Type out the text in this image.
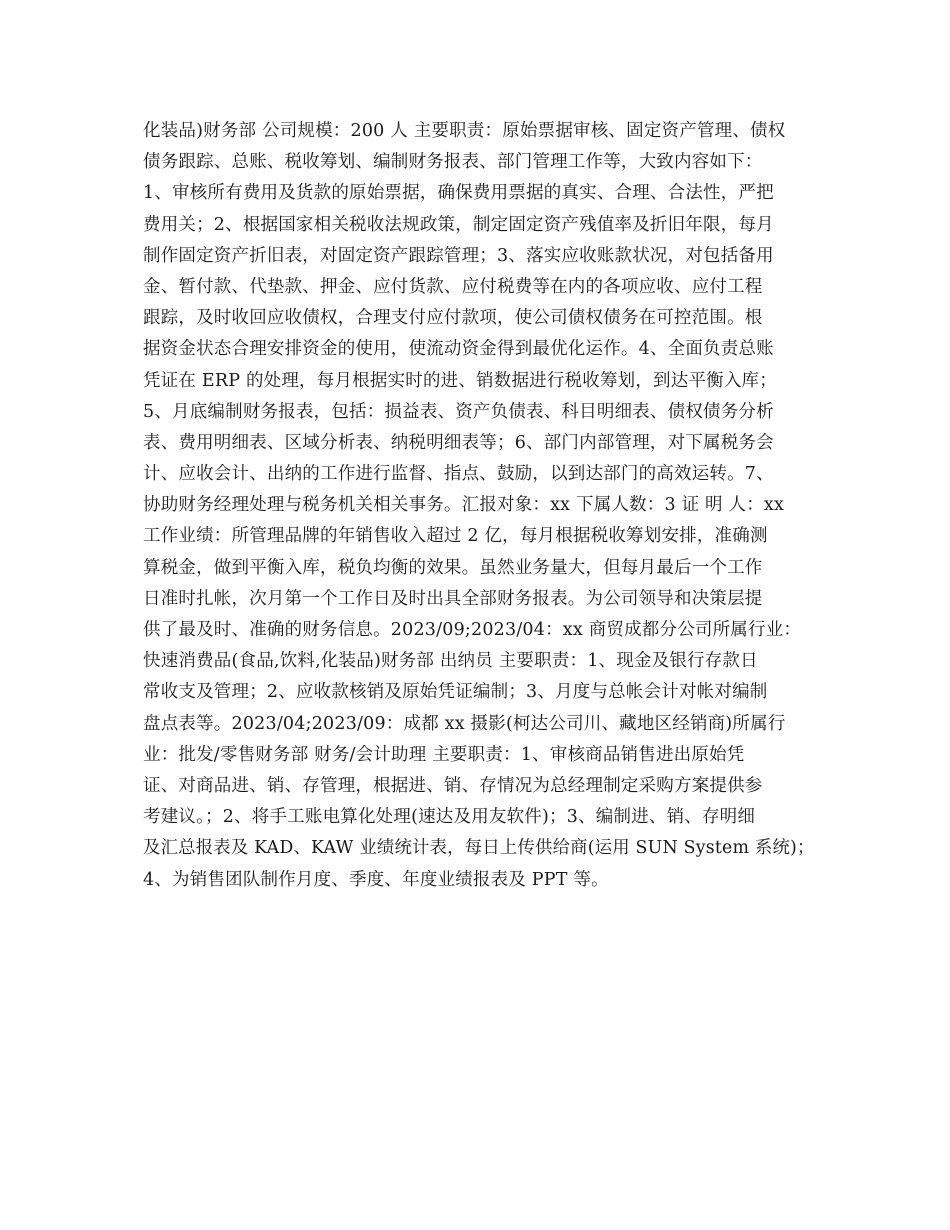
化装品)财务部 公司规模：200 人 主要职责：原始票据审核、固定资产管理、债权
债务跟踪、总账、税收筹划、编制财务报表、部门管理工作等，大致内容如下：
1、审核所有费用及货款的原始票据，确保费用票据的真实、合理、合法性，严把
费用关；2、根据国家相关税收法规政策，制定固定资产残值率及折旧年限，每月
制作固定资产折旧表，对固定资产跟踪管理；3、落实应收账款状况，对包括备用
金、暂付款、代垫款、押金、应付货款、应付税费等在内的各项应收、应付工程
跟踪，及时收回应收债权，合理支付应付款项，使公司债权债务在可控范围。根
据资金状态合理安排资金的使用，使流动资金得到最优化运作。4、全面负责总账
凭证在 ERP 的处理，每月根据实时的进、销数据进行税收筹划，到达平衡入库；
5、月底编制财务报表，包括：损益表、资产负债表、科目明细表、债权债务分析
表、费用明细表、区域分析表、纳税明细表等；6、部门内部管理，对下属税务会
计、应收会计、出纳的工作进行监督、指点、鼓励，以到达部门的高效运转。7、
协助财务经理处理与税务机关相关事务。汇报对象：xx 下属人数：3 证 明 人：xx
工作业绩：所管理品牌的年销售收入超过 2 亿，每月根据税收筹划安排，准确测
算税金，做到平衡入库，税负均衡的效果。虽然业务量大，但每月最后一个工作
日准时扎帐，次月第一个工作日及时出具全部财务报表。为公司领导和决策层提
供了最及时、准确的财务信息。2023/09;2023/04：xx 商贸成都分公司所属行业：
快速消费品(食品,饮料,化装品)财务部 出纳员 主要职责：1、现金及银行存款日
常收支及管理；2、应收款核销及原始凭证编制；3、月度与总帐会计对帐对编制
盘点表等。2023/04;2023/09：成都 xx 摄影(柯达公司川、藏地区经销商)所属行
业：批发/零售财务部 财务/会计助理 主要职责：1、审核商品销售进出原始凭
证、对商品进、销、存管理，根据进、销、存情况为总经理制定采购方案提供参
考建议。；2、将手工账电算化处理(速达及用友软件)；3、编制进、销、存明细
及汇总报表及 KAD、KAW 业绩统计表，每日上传供给商(运用 SUN System 系统)；
4、为销售团队制作月度、季度、年度业绩报表及 PPT 等。
